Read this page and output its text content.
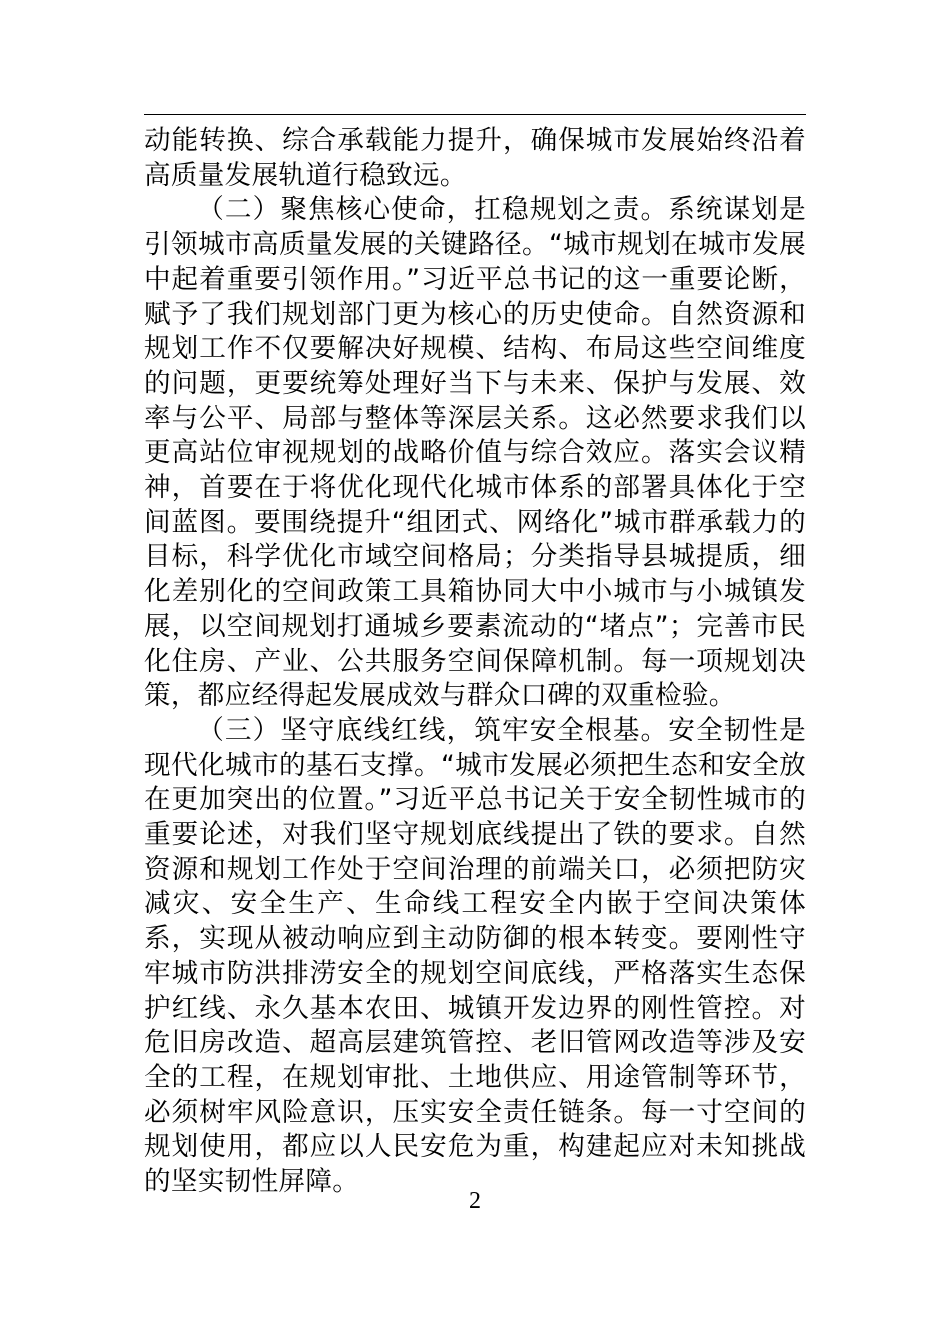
动能转换、综合承载能力提升，确保城市发展始终沿着高质量发展轨道行稳致远。

（二）聚焦核心使命，扛稳规划之责。系统谋划是引领城市高质量发展的关键路径。“城市规划在城市发展中起着重要引领作用。”习近平总书记的这一重要论断，赋予了我们规划部门更为核心的历史使命。自然资源和规划工作不仅要解决好规模、结构、布局这些空间维度的问题，更要统筹处理好当下与未来、保护与发展、效率与公平、局部与整体等深层关系。这必然要求我们以更高站位审视规划的战略价值与综合效应。落实会议精神，首要在于将优化现代化城市体系的部署具体化于空间蓝图。要围绕提升“组团式、网络化”城市群承载力的目标，科学优化市域空间格局；分类指导县城提质，细化差别化的空间政策工具箱协同大中小城市与小城镇发展，以空间规划打通城乡要素流动的“堵点”；完善市民化住房、产业、公共服务空间保障机制。每一项规划决策，都应经得起发展成效与群众口碑的双重检验。

（三）坚守底线红线，筑牢安全根基。安全韧性是现代化城市的基石支撑。“城市发展必须把生态和安全放在更加突出的位置。”习近平总书记关于安全韧性城市的重要论述，对我们坚守规划底线提出了铁的要求。自然资源和规划工作处于空间治理的前端关口，必须把防灾减灾、安全生产、生命线工程安全内嵌于空间决策体系，实现从被动响应到主动防御的根本转变。要刚性守牢城市防洪排涝安全的规划空间底线，严格落实生态保护红线、永久基本农田、城镇开发边界的刚性管控。对危旧房改造、超高层建筑管控、老旧管网改造等涉及安全的工程，在规划审批、土地供应、用途管制等环节，必须树牢风险意识，压实安全责任链条。每一寸空间的规划使用，都应以人民安危为重，构建起应对未知挑战的坚实韧性屏障。

2
